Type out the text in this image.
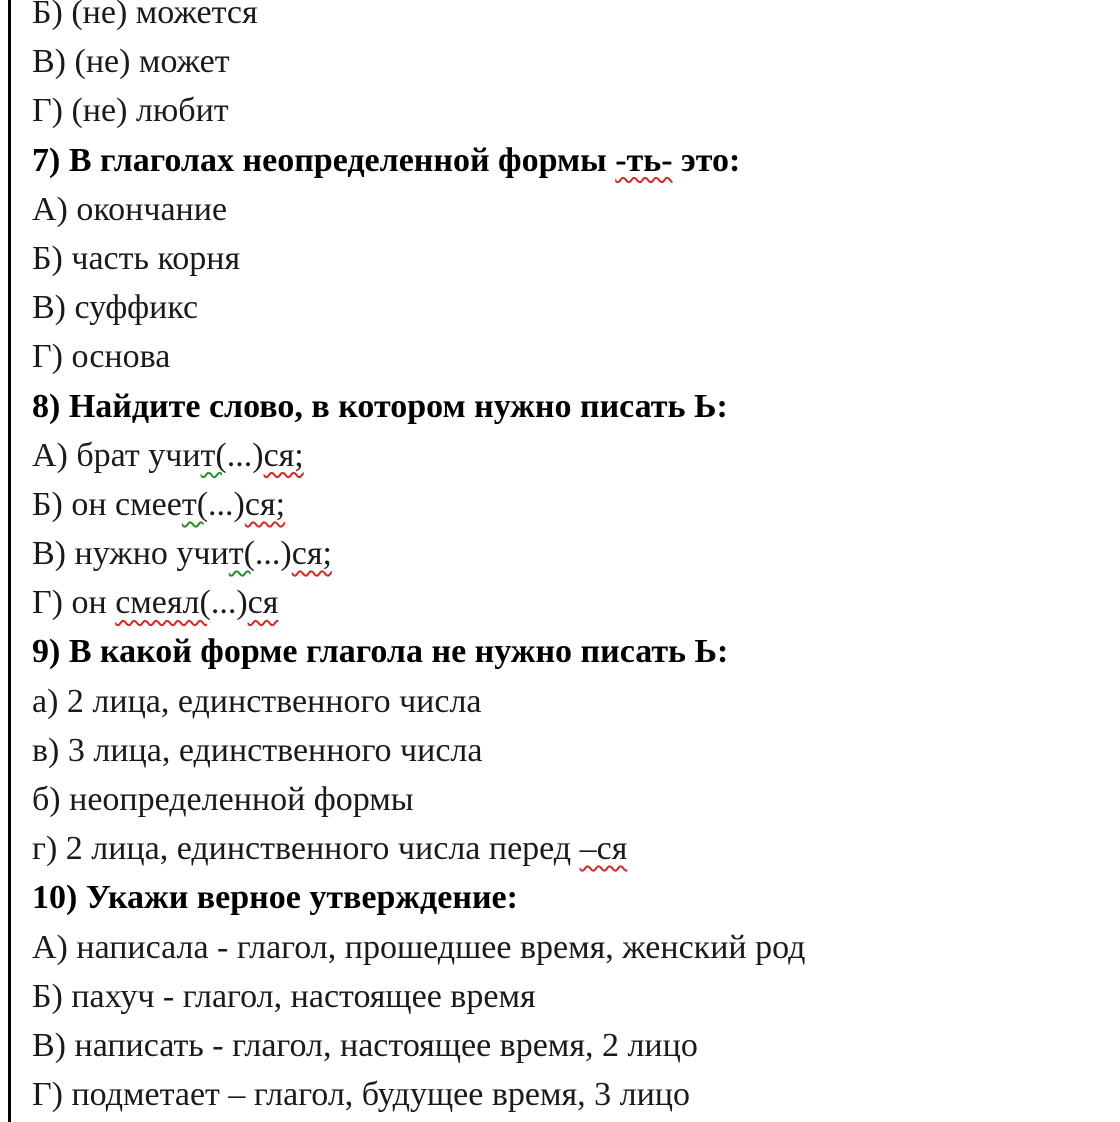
Б) (не) можется
В) (не) может
Г) (не) любит
7) В глаголах неопределенной формы -ть- это:
А) окончание
Б) часть корня
В) суффикс
Г) основа
8) Найдите слово, в котором нужно писать Ь:
А) брат учит(...)ся;
Б) он смеет(...)ся;
В) нужно учит(...)ся;
Г) он смеял(...)ся
9) В какой форме глагола не нужно писать Ь:
а) 2 лица, единственного числа
в) 3 лица, единственного числа
б) неопределенной формы
г) 2 лица, единственного числа перед –ся
10) Укажи верное утверждение:
А) написала - глагол, прошедшее время, женский род
Б) пахуч - глагол, настоящее время
В) написать - глагол, настоящее время, 2 лицо
Г) подметает – глагол, будущее время, 3 лицо
